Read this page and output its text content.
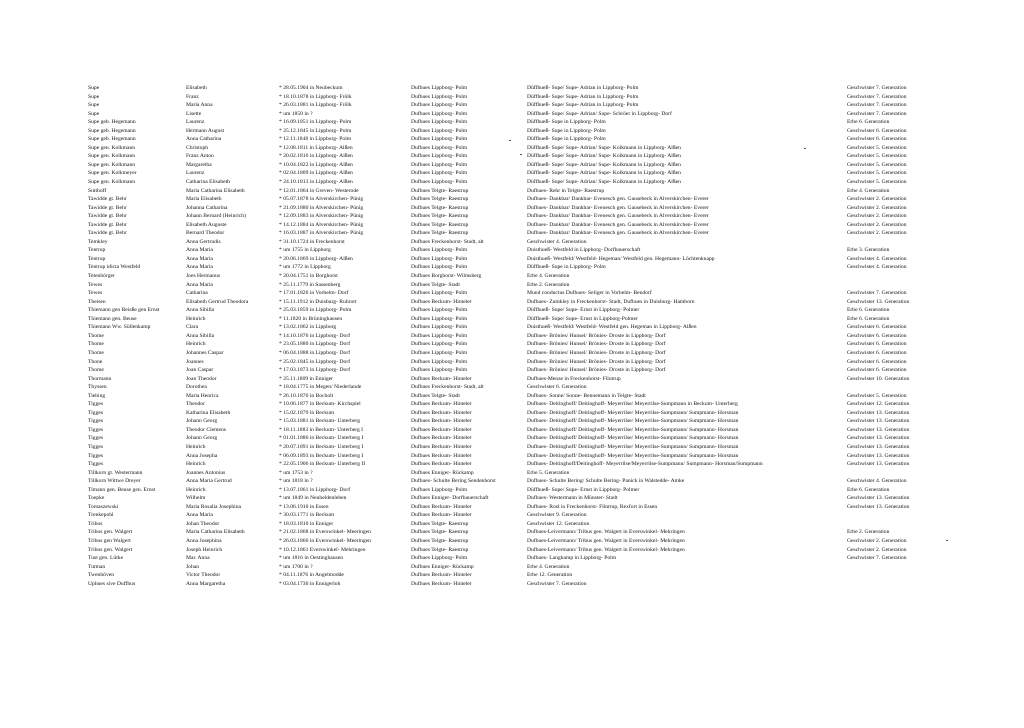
Supe	Elisabeth	* 28.05.1904 in Neubeckum	Dufhues Lippborg- Polm	Düffhueß- Supe/ Supe- Adrian in Lippborg- Polm	Geschwister 7. Generation
Supe	Franz	* 18.10.1878 in Lippborg- Frölk	Dufhues Lippborg- Polm	Düffhueß- Supe/ Supe- Adrian in Lippborg- Polm	Geschwister 7. Generation
Supe	Maria Anna	* 26.03.1881 in Lippborg- Frölk	Dufhues Lippborg- Polm	Düffhueß- Supe/ Supe- Adrian in Lippborg- Polm	Geschwister 7. Generation
Supe	Lisette	* um 1850 in ?	Dufhues Lippborg- Polm	Düffhueß- Supe/ Supe- Adrian/ Supe- Schröer in Lippborg- Dorf	Geschwister 7. Generation
Supe geb. Hegemann	Laurenz	* 16.09.1851 in Lippborg- Polm	Dufhues Lippborg- Polm	Düffhueß- Supe in Lippborg- Polm	Erbe 6. Generation
Supe geb. Hegemann	Hermann August	* 25.12.1845 in Lippborg- Polm	Dufhues Lippborg- Polm	Düffhueß- Supe in Lippborg- Polm	Geschwister 6. Generation
Supe geb. Hegemann	Anna Catharina	* 12.11.1848 in Lippborg- Polm	Dufhues Lippborg- Polm	Düffhueß- Supe in Lippborg- Polm	Geschwister 6. Generation
Supe gen. Kolkmann	Christoph	* 12.08.1811 in Lippborg- Alßen	Dufhues Lippborg- Polm	Düffhueß- Supe/ Supe- Adrian/ Supe- Kolkmann in Lippborg- Alßen	Geschwister 5. Generation
Supe gen. Kolkmann	Franz Anton	* 20.02.1816 in Lippborg- Alßen	Dufhues Lippborg- Polm	Düffhueß- Supe/ Supe- Adrian/ Supe- Kolkmann in Lippborg- Alßen	Geschwister 5. Generation
Supe gen. Kolkmann	Margaretha	* 10.04.1822 in Lippborg- Alßen	Dufhues Lippborg- Polm	Düffhueß- Supe/ Supe- Adrian/ Supe- Kolkmann in Lippborg- Alßen	Geschwister 5. Generation
Supe gen. Kolkmeyer	Laurenz	* 02.04.1809 in Lippborg- Alßen	Dufhues Lippborg- Polm	Düffhueß- Supe/ Supe- Adrian/ Supe- Kolkmann in Lippborg- Alßen	Geschwister 5. Generation
Supe gen. Kolkmann	Catharina Elisabeth	* 24.10.1813 in Lippborg- Alßen	Dufhues Lippborg- Polm	Düffhueß- Supe/ Supe- Adrian/ Supe- Kolkmann in Lippborg- Alßen	Geschwister 5. Generation
Sutthoff	Maria Catharina Elisabeth	* 12.01.1864 in Greven- Westerode	Dufhues Telgte- Raestrup	Dufhues- Rehr in Telgte- Raestrup	Erbe 4. Generation
Tawidde gt. Behr	Maria Elisabeth	* 05.07.1878 in Alverskirchen- Pünig	Dufhues Telgte- Raestrup	Dufhues- Dankbar/ Dankbar- Evenesch gen. Gausebeck in Alverskirchen- Everer	Geschwister 2. Generation
Tawidde gt. Behr	Johanna Catharina	* 21.09.1880 in Alverskirchen- Pünig	Dufhues Telgte- Raestrup	Dufhues- Dankbar/ Dankbar- Evenesch gen. Gausebeck in Alverskirchen- Everer	Geschwister 2. Generation
Tawidde gt. Behr	Johann Bernard (Heinrich)	* 12.09.1883 in Alverskirchen- Pünig	Dufhues Telgte- Raestrup	Dufhues- Dankbar/ Dankbar- Evenesch gen. Gausebeck in Alverskirchen- Everer	Geschwister 2. Generation
Tawidde gt. Behr	Elisabeth Auguste	* 14.12.1884 in Alverskirchen- Pünig	Dufhues Telgte- Raestrup	Dufhues- Dankbar/ Dankbar- Evenesch gen. Gausebeck in Alverskirchen- Everer	Geschwister 2. Generation
Tawidde gt. Behr	Bernard Theodor	* 16.03.1887 in Alverskirchen- Pünig	Dufhues Telgte- Raestrup	Dufhues- Dankbar/ Dankbar- Evenesch gen. Gausebeck in Alverskirchen- Everer	Geschwister 2. Generation
Temkley	Anna Gertrudis	* 31.10.1724 in Freckenhorst	Dufhues Freckenhorst- Stadt, alt	Geschwister 4. Generation	
Tentrup	Anna Maria	* um 1755 in Lippborg	Dufhues Lippborg- Polm	Duisthueß- Westfeld in Lippborg- Dorfbauerschaft	Erbe 3. Generation
Tentrup	Anna Maria	* 20.06.1869 in Lippborg- Alßen	Dufhues Lippborg- Polm	Duisthueß- Westfeld/ Westfeld- Hegeman/ Westfeld gen. Hegemann- Löchtenknapp	Geschwister 4. Generation
Tentrup idicta Westfeld	Anna Maria	* um 1772 in Lippborg	Dufhues Lippborg- Polm	Düffhueß- Supe in Lippborg- Polm	Geschwister 4. Generation
Tetenbörger	Joes Hermanus	* 20.04.1751 in Borghorst	Dufhues Borghorst- Wilmsberg	Erbe 4. Generation	
Tewes	Anna Maria	* 25.11.1779 in Sassenberg	Dufhues Telgte- Stadt	Erbe 2. Generation	
Tewes	Catharina	* 17.01.1826 in Vorhelm- Dorf	Dufhues Lippborg- Polm	Mund conductus Dufhues- Seliger in Vorhelm- Bendorf	Geschwister 7. Generation
Theisen	Elisabeth Gertrud Theodora	* 15.11.1912 in Duisburg- Ruhrort	Dufhues Beckum- Hinteler	Dufhues- Zumkley in Freckenhorst- Stadt, Dufhues in Duisburg- Hamborn	Geschwister 13. Generation
Thiemann gen Beisße gen Ernst	Anna Sibilla	* 25.03.1859 in Lippborg- Polm	Dufhues Lippborg- Polm	Düffhueß- Supe/ Supe- Ernst in Lippborg- Polmer	Erbe 6. Generation
Thiemann gen. Beuse	Heinrich	* 11.1820 in Brüninghausen	Dufhues Lippborg- Polm	Düffhueß- Supe/ Supe- Ernst in Lippborg-Polmer	Erbe 6. Generation
Thiemann Ww. Süllenkamp	Clara	* 13.02.1862 in Lippborg	Dufhues Lippborg- Polm	Duisthueß- Westfeld/ Westfeld- Westfeld gen. Hegeman in Lippborg- Alßen	Geschwister 6. Generation
Thome	Anna Sibilla	* 14.10.1876 in Lippborg- Dorf	Dufhues Lippborg- Polm	Dufhues- Brönies/ Hunsel/ Brönies- Droste in Lippborg- Dorf	Geschwister 6. Generation
Thome	Heinrich	* 23.05.1880 in Lippborg- Dorf	Dufhues Lippborg- Polm	Dufhues- Brönies/ Hunsel/ Brönies- Droste in Lippborg- Dorf	Geschwister 6. Generation
Thome	Johannes Caspar	* 06.04.1888 in Lippborg- Dorf	Dufhues Lippborg- Polm	Dufhues- Brönies/ Hunsel/ Brönies- Droste in Lippborg- Dorf	Geschwister 6. Generation
Thone	Joannes	* 25.02.1845 in Lippborg- Dorf	Dufhues Lippborg- Polm	Dufhues- Brönies/ Hunsel/ Brönies- Droste in Lippborg- Dorf	Geschwister 6. Generation
Thome	Joan Caspar	* 17.03.1873 in Lippborg- Dorf	Dufhues Lippborg- Polm	Dufhues- Brönies/ Hunsel/ Brönies- Droste in Lippborg- Dorf	Geschwister 6. Generation
Thormann	Joan Theodor	* 25.11.1809 in Enniger	Dufhues Beckum- Hinteler	Dufhues-Menze in Freckenhorst- Flintrup	Geschwister 10. Generation
Thyssen	Dorothea	* 18.04.1775 in Megen/ Niederlande	Dufhues Freckenhorst- Stadt, alt	Geschwister 6. Generation	
Tiebing	Maria Henrica	* 26.10.1870 in Bocholt	Dufhues Telgte- Stadt	Dufhues- Sonne/ Sonne- Bennemann in Telgte- Stadt	Geschwister 5. Generation
Tigges	Theodor	* 10.06.1877 in Beckum- Kirchspiel	Dufhues Beckum- Hinteler	Dufhues- Deitinghoff/ Deitinghoff- Meyerrilse/ Meyerrilse-Sumpmann in Beckum- Unterberg	Geschwister 12. Generation
Tigges	Katharina Elisabeth	* 15.02.1879 in Beckum	Dufhues Beckum- Hinteler	Dufhues- Deitinghoff/ Deitinghoff- Meyerrilse/ Meyerrilse-Sumpmann/ Sumpmann- Horsman	Geschwister 13. Generation
Tigges	Johann Georg	* 15.03.1881 in Beckum- Unterberg	Dufhues Beckum- Hinteler	Dufhues- Deitinghoff/ Deitinghoff- Meyerrilse/ Meyerrilse-Sumpmann/ Sumpmann- Horsman	Geschwister 13. Generation
Tigges	Theodor Clemens	* 18.11.1883 in Beckum- Unterberg I	Dufhues Beckum- Hinteler	Dufhues- Deitinghoff/ Deitinghoff- Meyerrilse/ Meyerrilse-Sumpmann/ Sumpmann- Horsman	Geschwister 13. Generation
Tigges	Johann Georg	* 01.01.1886 in Beckum- Unterberg I	Dufhues Beckum- Hinteler	Dufhues- Deitinghoff/ Deitinghoff- Meyerrilse/ Meyerrilse-Sumpmann/ Sumpmann- Horsman	Geschwister 13. Generation
Tigges	Heinrich	* 20.07.1891 in Beckum- Unterberg I	Dufhues Beckum- Hinteler	Dufhues- Deitinghoff/ Deitinghoff- Meyerrilse/ Meyerrilse-Sumpmann/ Sumpmann- Horsman	Geschwister 13. Generation
Tigges	Anna Josepha	* 06.09.1893 in Beckum- Unterberg I	Dufhues Beckum- Hinteler	Dufhues- Deitinghoff/ Deitinghoff- Meyerrilse/ Meyerrilse-Sumpmann/ Sumpmann- Horsman	Geschwister 13. Generation
Tigges	Heinrich	* 22.05.1906 in Beckum- Unterberg II	Dufhues Beckum- Hinteler	Dufhues- Deitinghoff/Deitinghoff- Meyerrilse/Meyerrilse-Sumpmann/ Sumpmann- Horsman/Sumpmann	Geschwister 13. Generation
Tillkorn gt. Westermann	Joannes Antonius	* um 1753 in ?	Dufhues Enniger- Rückamp	Erbe 5. Generation	
Tillkorn Wittwe Dreyer	Anna Maria Gertrud	* um 1818 in ?	Dufhues- Schulte Bering Sendenhorst	Dufhues- Schulte Bering/ Schulte Bering- Panick in Walstedde- Amke	Geschwister 4. Generation
Timann gen. Beuse gen. Ernst	Heinrich	* 13.07.1861 in Lippborg- Dorf	Dufhues Lippborg- Polm	Düffhueß- Supe/ Supe- Ernst in Lippborg- Polmer	Erbe 6. Generation
Toepke	Wilhelm	* um 1849 in Neuheldenleben	Dufhues Enniger- Dorfbauerschaft	Dufhues- Westermann in Münster- Stadt	Geschwister 13. Generation
Tomaszewski	Maria Rosalia Josephina	* 13.06.1910 in Essen	Dufhues Beckum- Hinteler	Dufhues- Rosl in Freckenhorst- Flintrup, Rexfort in Essen	Geschwister 13. Generation
Trenkepohl	Anna Maria	* 30.03.1771 in Beckum	Dufhues Beckum- Hinteler	Geschwister 9. Generation	
Tribus	Johan Theodor	* 18.03.1810 in Enniger	Dufhues Telgte- Raestrup	Geschwister 12. Generation	
Tribus gen. Walgert	Maria Catharina Elisabeth	* 21.02.1868 in Everswinkel- Meeringen	Dufhues Telgte- Raestrup	Dufhues-Leivermann/ Tribus gen. Walgert in Everswinkel- Mehringen	Erbe 2. Generation
Tribus gen Walgert	Anna Josephina	* 26.03.1866 in Everswinkel- Meeringen	Dufhues Telgte- Raestrup	Dufhues-Leivermann/ Tribus gen. Walgert in Everswinkel- Mehringen	Geschwister 2. Generation
Tribus gen. Walgert	Joseph Heinrich	* 10.12.1861 Everswinkel- Mehringen	Dufhues Telgte- Raestrup	Dufhues-Leivermann/ Tribus gen. Walgert in Everswinkel- Mehringen	Geschwister 2. Generation
Tust gen. Lütke	Mar. Anna	* um 1816 in Oestinghausen	Dufhues Lippborg- Polm	Dufhues- Langkamp in Lippborg- Polm	Geschwister 7. Generation
Tutman	Johan	* um 1700 in ?	Dufhues Enniger- Rückamp	Erbe 4. Generation	
Twenhöven	Victor Theodor	* 04.11.1876 in Angelmodde	Dufhues Beckum- Hinteler	Erbe 12. Generation	
Uphues sive Duffhus	Anna Margaretha	* 03.04.1730 in Ennigerloh	Dufhues Beckum- Hinteler	Geschwister 7. Generation	
